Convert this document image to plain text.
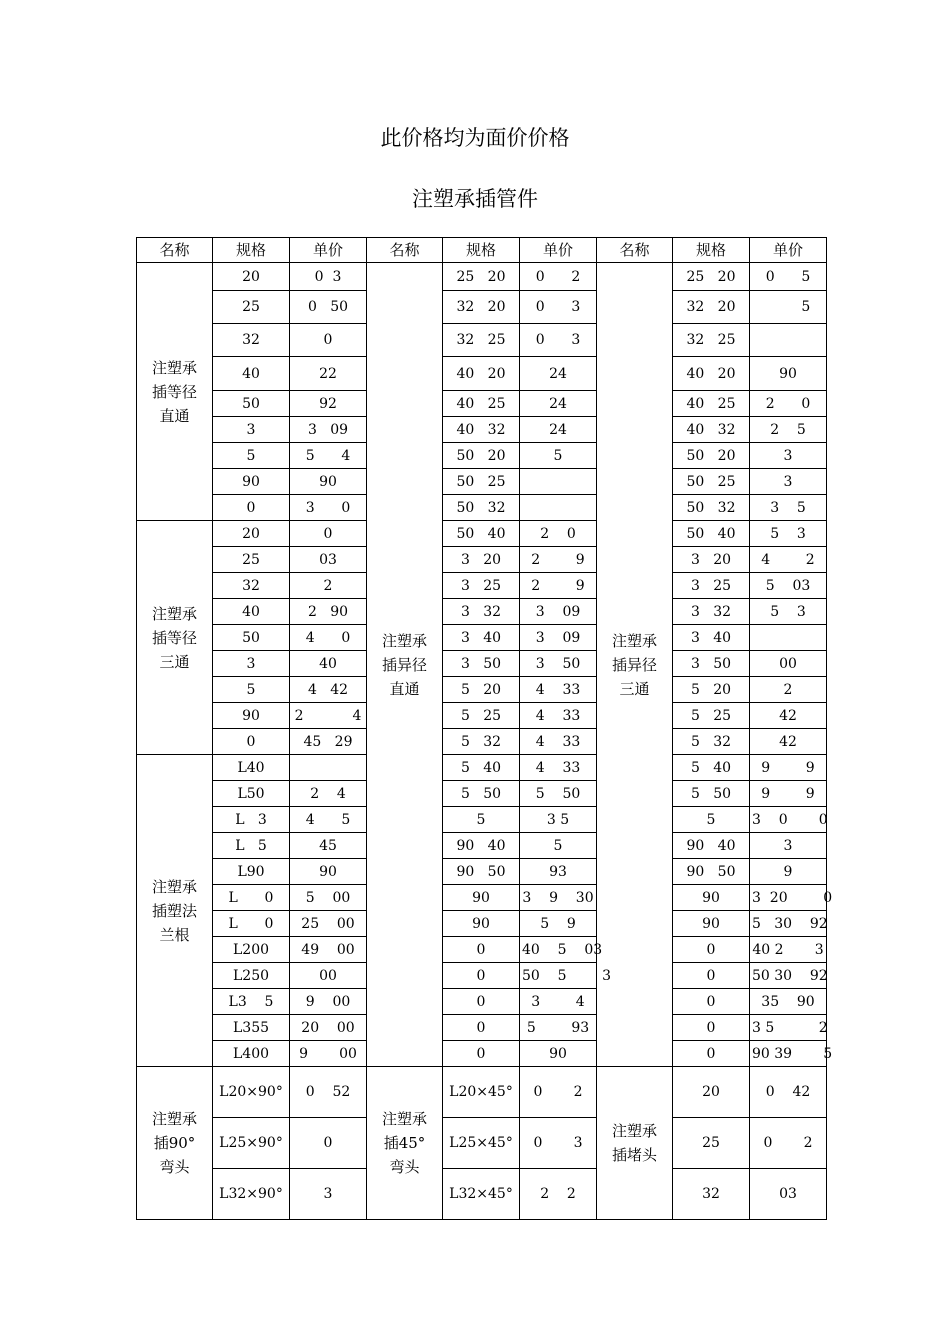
此价格均为面价价格
注塑承插管件
名称	规格	单价	名称	规格	单价	名称	规格	单价
注塑承插等径直通	20	0  3	注塑承插异径直通	25   20	0      2	注塑承插异径三通	25   20	0      5
	25	0   50		32   20	0      3		32   20	5
	32	0		32   25	0      3		32   25	
	40	22		40   20	24		40   20	90
	50	92		40   25	24		40   25	2      0
	3	3   09		40   32	24		40   32	2    5
	5	5      4		50   20	5		50   20	3
	90	90		50   25			50   25	3
	0	3      0		50   32			50   32	3    5
注塑承插等径三通	20	0		50   40	2    0		50   40	5    3
	25	03		3   20	2        9		3   20	4        2
	32	2		3   25	2        9		3   25	5    03
	40	2   90		3   32	3    09		3   32	5    3
	50	4      0		3   40	3    09		3   40	
	3	40		3   50	3    50		3   50	00
	5	4   42		5   20	4    33		5   20	2
	90	2           4		5   25	4    33		5   25	42
	0	45   29		5   32	4    33		5   32	42
注塑承插塑法兰根	L40			5   40	4    33		5   40	9        9
	L50	2    4		5   50	5    50		5   50	9        9
	L   3	4      5		5	3 5		5	3    0       0
	L   5	45		90   40	5		90   40	3
	L90	90		90   50	93		90   50	9
	L      0	5    00		90	3    9    30		90	3  20        0
	L      0	25    00		90	5    9		90	5   30    92
	L200	49    00		0	40    5    03		0	40 2       3
	L250	00		0	50    5        3		0	50 30    92
	L3    5	9    00		0	3        4		0	35    90
	L355	20    00		0	5        93		0	3 5          2
	L400	9       00		0	90		0	90 39       5
注塑承插90°弯头	L20×90°	0    52	注塑承插45°弯头	L20×45°	0       2	注塑承插堵头	20	0    42
	L25×90°	0		L25×45°	0       3		25	0       2
	L32×90°	3		L32×45°	2    2		32	03
